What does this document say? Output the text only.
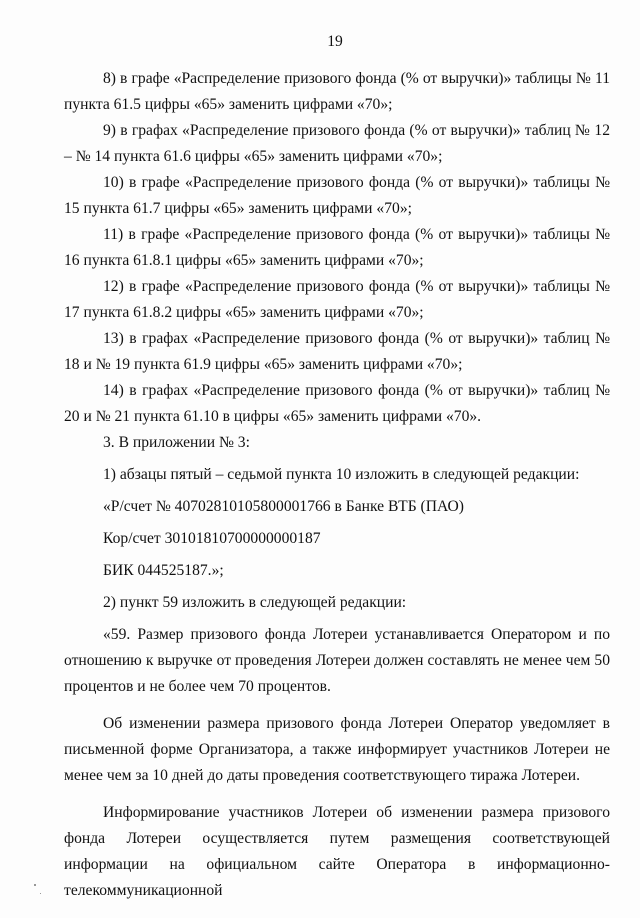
19

8) в графе «Распределение призового фонда (% от выручки)» таблицы № 11 пункта 61.5 цифры «65» заменить цифрами «70»;

9) в графах «Распределение призового фонда (% от выручки)» таблиц № 12 – № 14 пункта 61.6 цифры «65» заменить цифрами «70»;

10) в графе «Распределение призового фонда (% от выручки)» таблицы № 15 пункта 61.7 цифры «65» заменить цифрами «70»;

11) в графе «Распределение призового фонда (% от выручки)» таблицы № 16 пункта 61.8.1 цифры «65» заменить цифрами «70»;

12) в графе «Распределение призового фонда (% от выручки)» таблицы № 17 пункта 61.8.2 цифры «65» заменить цифрами «70»;

13) в графах «Распределение призового фонда (% от выручки)» таблиц № 18 и № 19 пункта 61.9 цифры «65» заменить цифрами «70»;

14) в графах «Распределение призового фонда (% от выручки)» таблиц № 20 и № 21 пункта 61.10 в цифры «65» заменить цифрами «70».

3. В приложении № 3:

1) абзацы пятый – седьмой пункта 10 изложить в следующей редакции:

«Р/счет № 40702810105800001766 в Банке ВТБ (ПАО)

Кор/счет 30101810700000000187

БИК 044525187.»;

2) пункт 59 изложить в следующей редакции:

«59. Размер призового фонда Лотереи устанавливается Оператором и по отношению к выручке от проведения Лотереи должен составлять не менее чем 50 процентов и не более чем 70 процентов.

Об изменении размера призового фонда Лотереи Оператор уведомляет в письменной форме Организатора, а также информирует участников Лотереи не менее чем за 10 дней до даты проведения соответствующего тиража Лотереи.

Информирование участников Лотереи об изменении размера призового фонда Лотереи осуществляется путем размещения соответствующей информации на официальном сайте Оператора в информационно-телекоммуникационной
